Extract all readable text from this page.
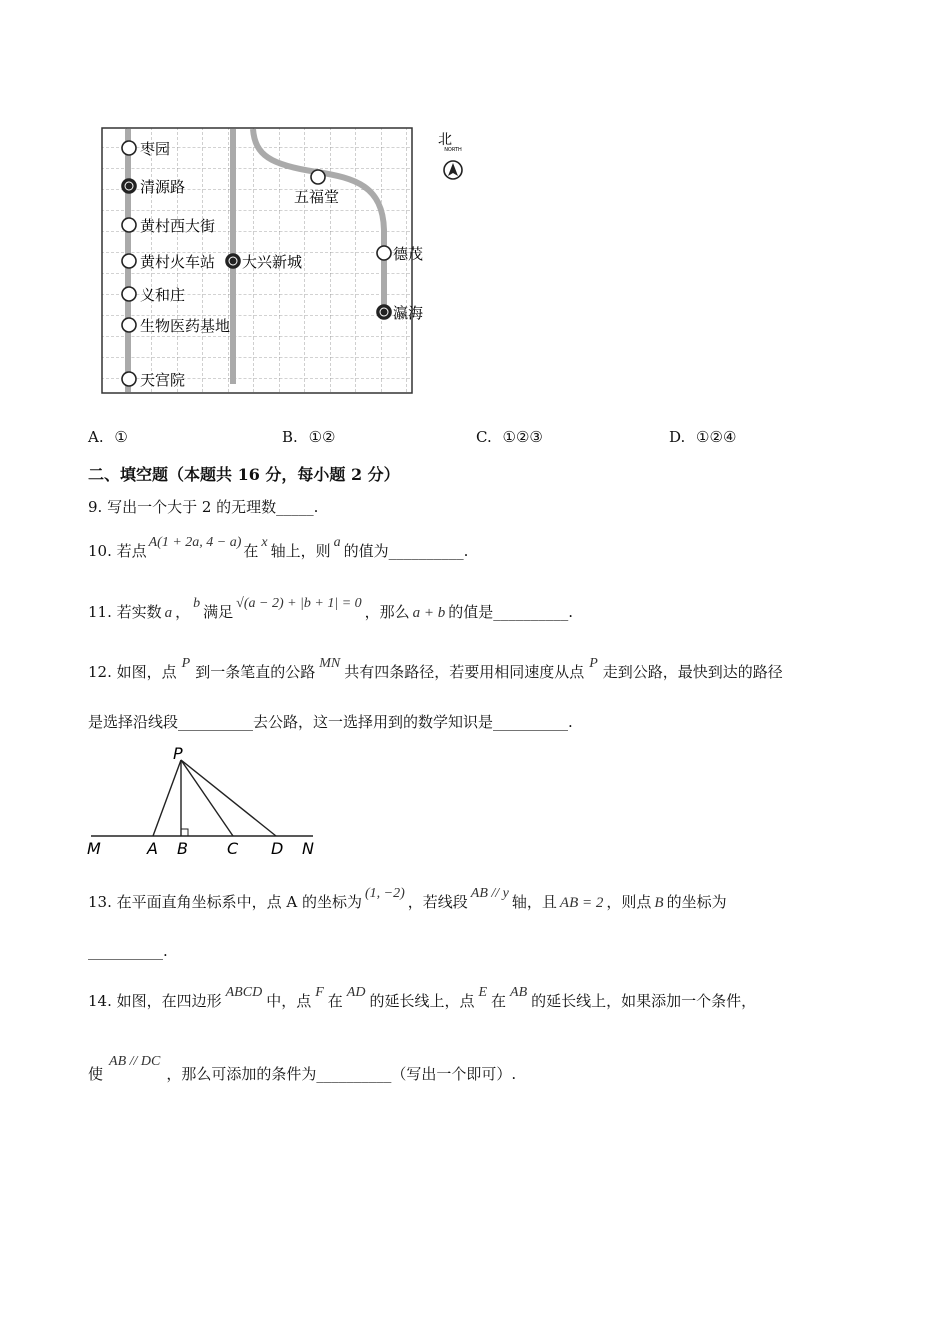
枣园
清源路
黄村西大街
黄村火车站
义和庄
生物医药基地
天宫院
大兴新城
五福堂
德茂
瀛海
北
NORTH
A. ①	B. ①②	C. ①②③	D. ①②④
二、填空题（本题共 16 分，每小题 2 分）
9. 写出一个大于 2 的无理数_____.
10. 若点 A(1 + 2a, 4 − a) 在 x 轴上，则 a 的值为__________.
11. 若实数 a ， b 满足 √(a − 2) + |b + 1| = 0 ，那么 a + b 的值是__________.
12. 如图，点 P 到一条笔直的公路 MN 共有四条路径，若要用相同速度从点 P 走到公路，最快到达的路径
是选择沿线段__________去公路，这一选择用到的数学知识是__________.
P
M	A B C D N
13. 在平面直角坐标系中，点 A 的坐标为 (1, −2) ，若线段 AB // y 轴，且 AB = 2 ，则点 B 的坐标为
__________.
14. 如图，在四边形 ABCD 中，点 F 在 AD 的延长线上，点 E 在 AB 的延长线上，如果添加一个条件，
使AB // DC，那么可添加的条件为__________（写出一个即可）.
